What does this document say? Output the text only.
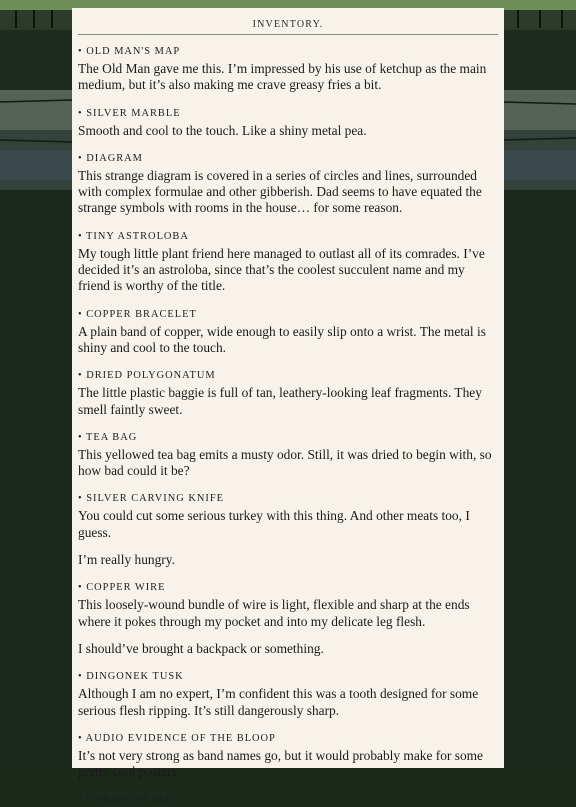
INVENTORY.
• OLD MAN'S MAP

The Old Man gave me this. I’m impressed by his use of ketchup as the main medium, but it’s also making me crave greasy fries a bit.

• SILVER MARBLE

Smooth and cool to the touch. Like a shiny metal pea.

• DIAGRAM

This strange diagram is covered in a series of circles and lines, surrounded with complex formulae and other gibberish. Dad seems to have equated the strange symbols with rooms in the house… for some reason.

• TINY ASTROLOBA

My tough little plant friend here managed to outlast all of its comrades. I’ve decided it’s an astroloba, since that’s the coolest succulent name and my friend is worthy of the title.

• COPPER BRACELET

A plain band of copper, wide enough to easily slip onto a wrist. The metal is shiny and cool to the touch.

• DRIED POLYGONATUM

The little plastic baggie is full of tan, leathery-looking leaf fragments. They smell faintly sweet.

• TEA BAG

This yellowed tea bag emits a musty odor. Still, it was dried to begin with, so how bad could it be?

• SILVER CARVING KNIFE

You could cut some serious turkey with this thing. And other meats too, I guess.

I’m really hungry.

• COPPER WIRE

This loosely-wound bundle of wire is light, flexible and sharp at the ends where it pokes through my pocket and into my delicate leg flesh.

I should’ve brought a backpack or something.

• DINGONEK TUSK

Although I am no expert, I’m confident this was a tooth designed for some serious flesh ripping. It’s still dangerously sharp.

• AUDIO EVIDENCE OF THE BLOOP

It’s not very strong as band names go, but it would probably make for some pretty cool posters.

• NARIPHON SEED
